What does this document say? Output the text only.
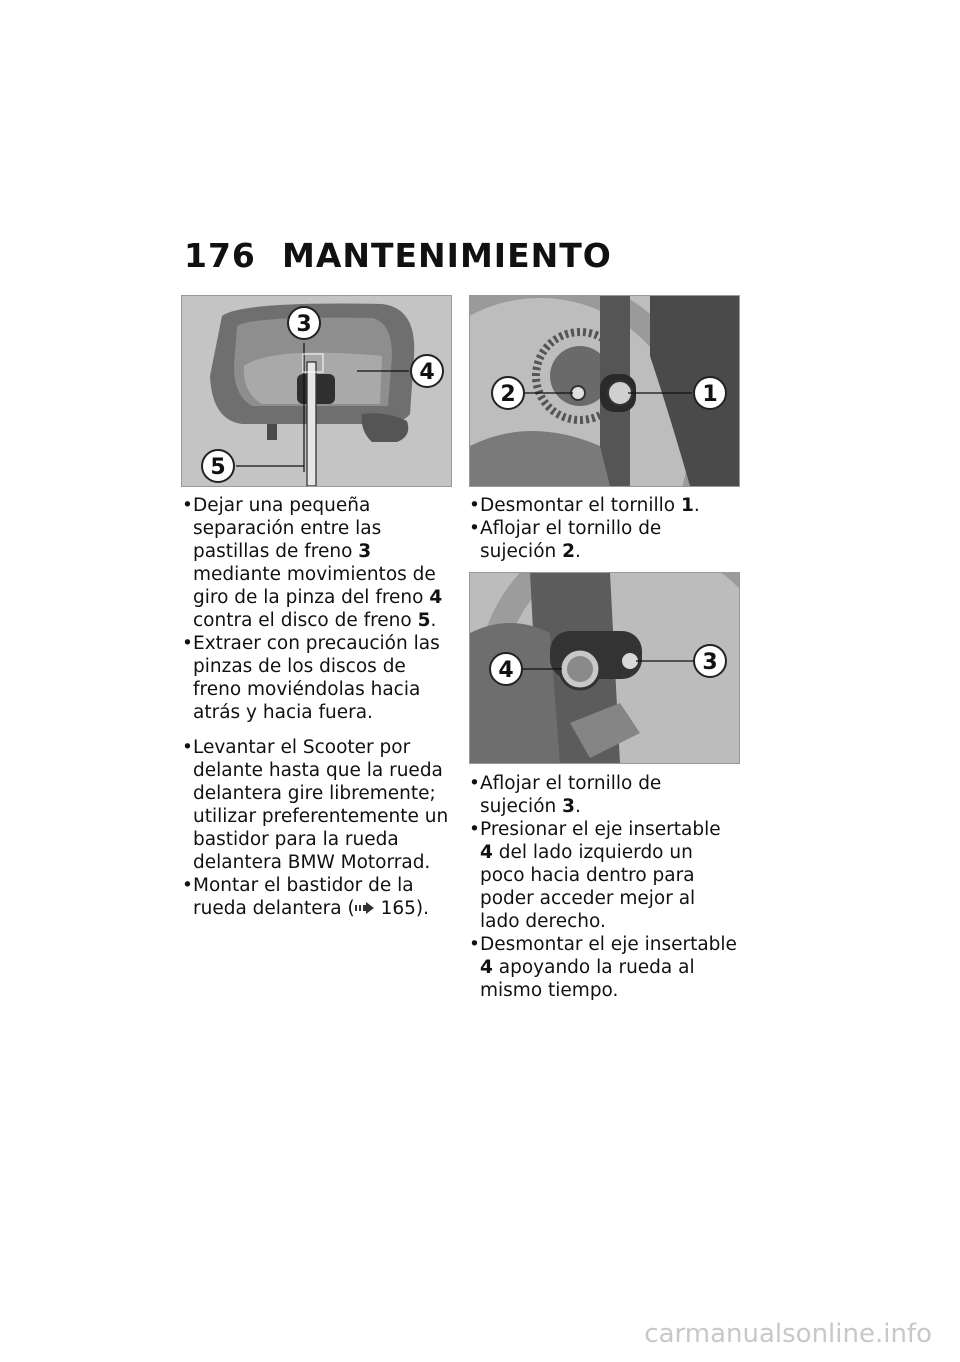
176 MANTENIMIENTO
3
4
5
2	1
4	3
• Dejar una pequeña separación entre las pastillas de freno 3 mediante movimientos de giro de la pinza del freno 4 contra el disco de freno 5.
• Extraer con precaución las pinzas de los discos de freno moviéndolas hacia atrás y hacia fuera.
• Levantar el Scooter por delante hasta que la rueda delantera gire libremente; utilizar preferentemente un bastidor para la rueda delantera BMW Motorrad.
• Montar el bastidor de la rueda delantera ( 165).
• Desmontar el tornillo 1.
• Aflojar el tornillo de sujeción 2.
• Aflojar el tornillo de sujeción 3.
• Presionar el eje insertable 4 del lado izquierdo un poco hacia dentro para poder acceder mejor al lado derecho.
• Desmontar el eje insertable 4 apoyando la rueda al mismo tiempo.
carmanualsonline.info
